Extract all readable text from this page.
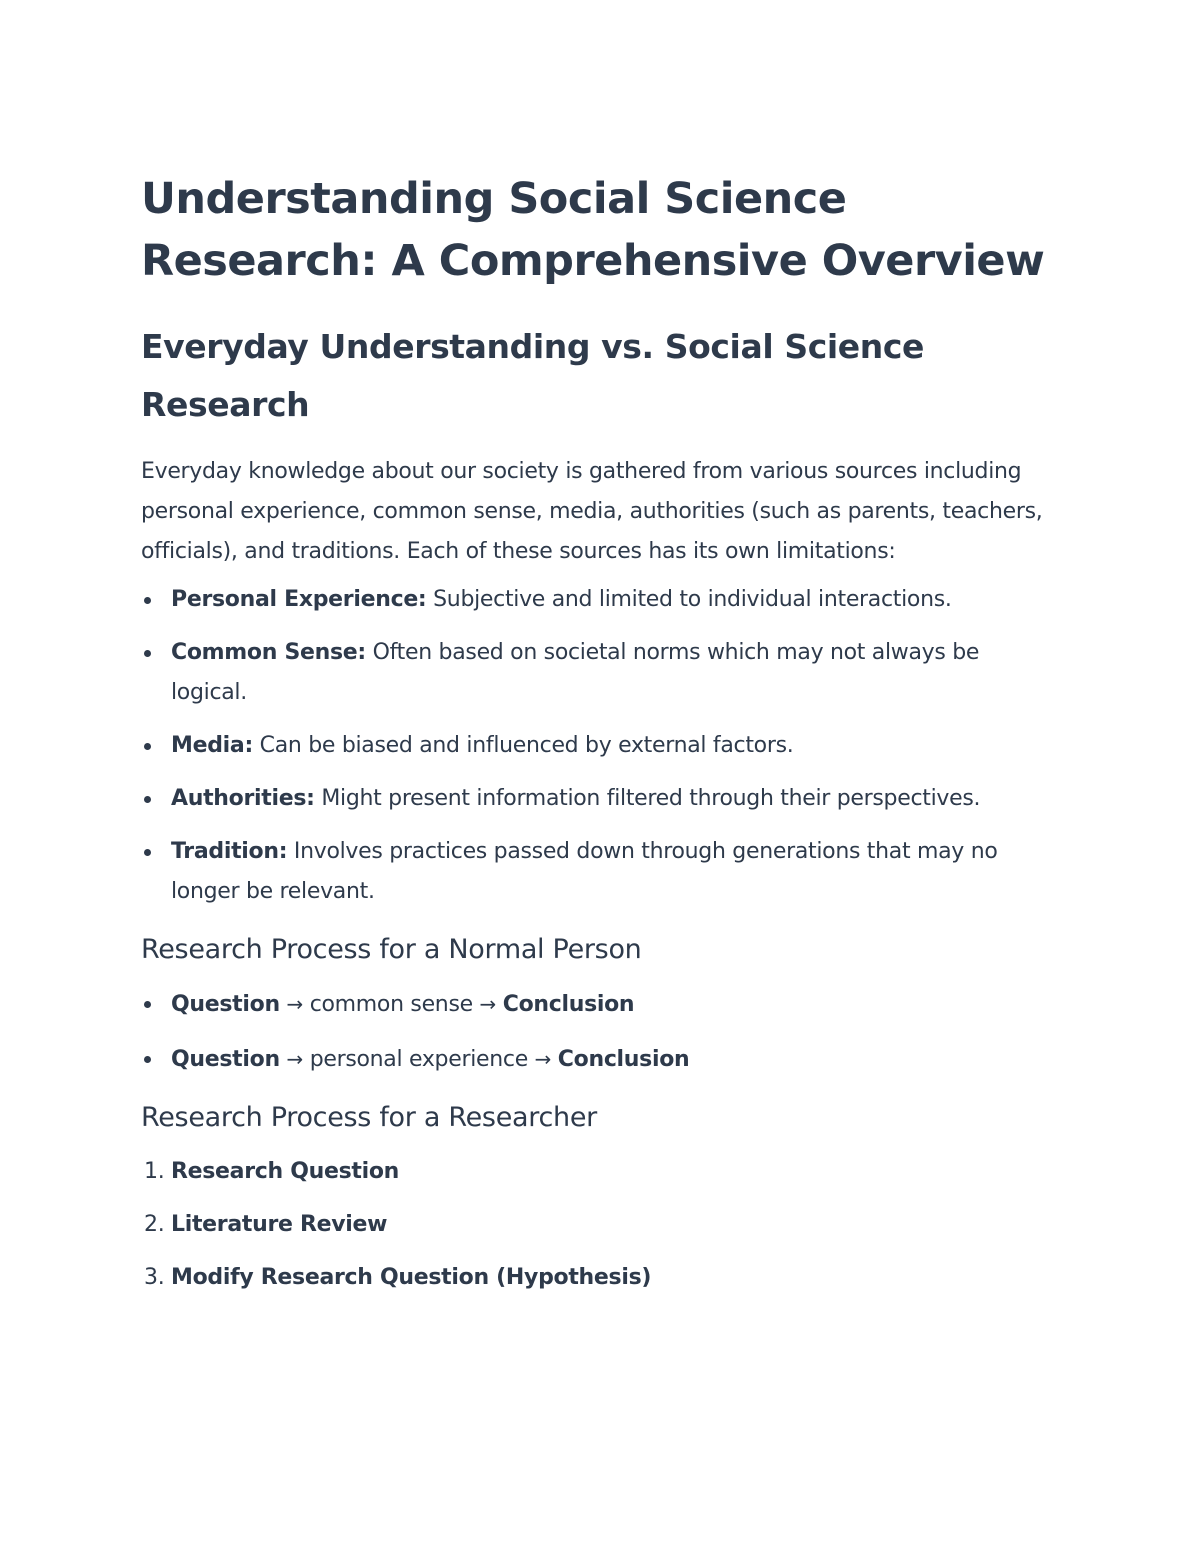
Understanding Social Science Research: A Comprehensive Overview
Everyday Understanding vs. Social Science Research

Everyday knowledge about our society is gathered from various sources including personal experience, common sense, media, authorities (such as parents, teachers, officials), and traditions. Each of these sources has its own limitations:

Personal Experience: Subjective and limited to individual interactions.
Common Sense: Often based on societal norms which may not always be logical.
Media: Can be biased and influenced by external factors.
Authorities: Might present information filtered through their perspectives.
Tradition: Involves practices passed down through generations that may no longer be relevant.
Research Process for a Normal Person
Question → common sense → Conclusion
Question → personal experience → Conclusion
Research Process for a Researcher
1. Research Question
2. Literature Review
3. Modify Research Question (Hypothesis)
